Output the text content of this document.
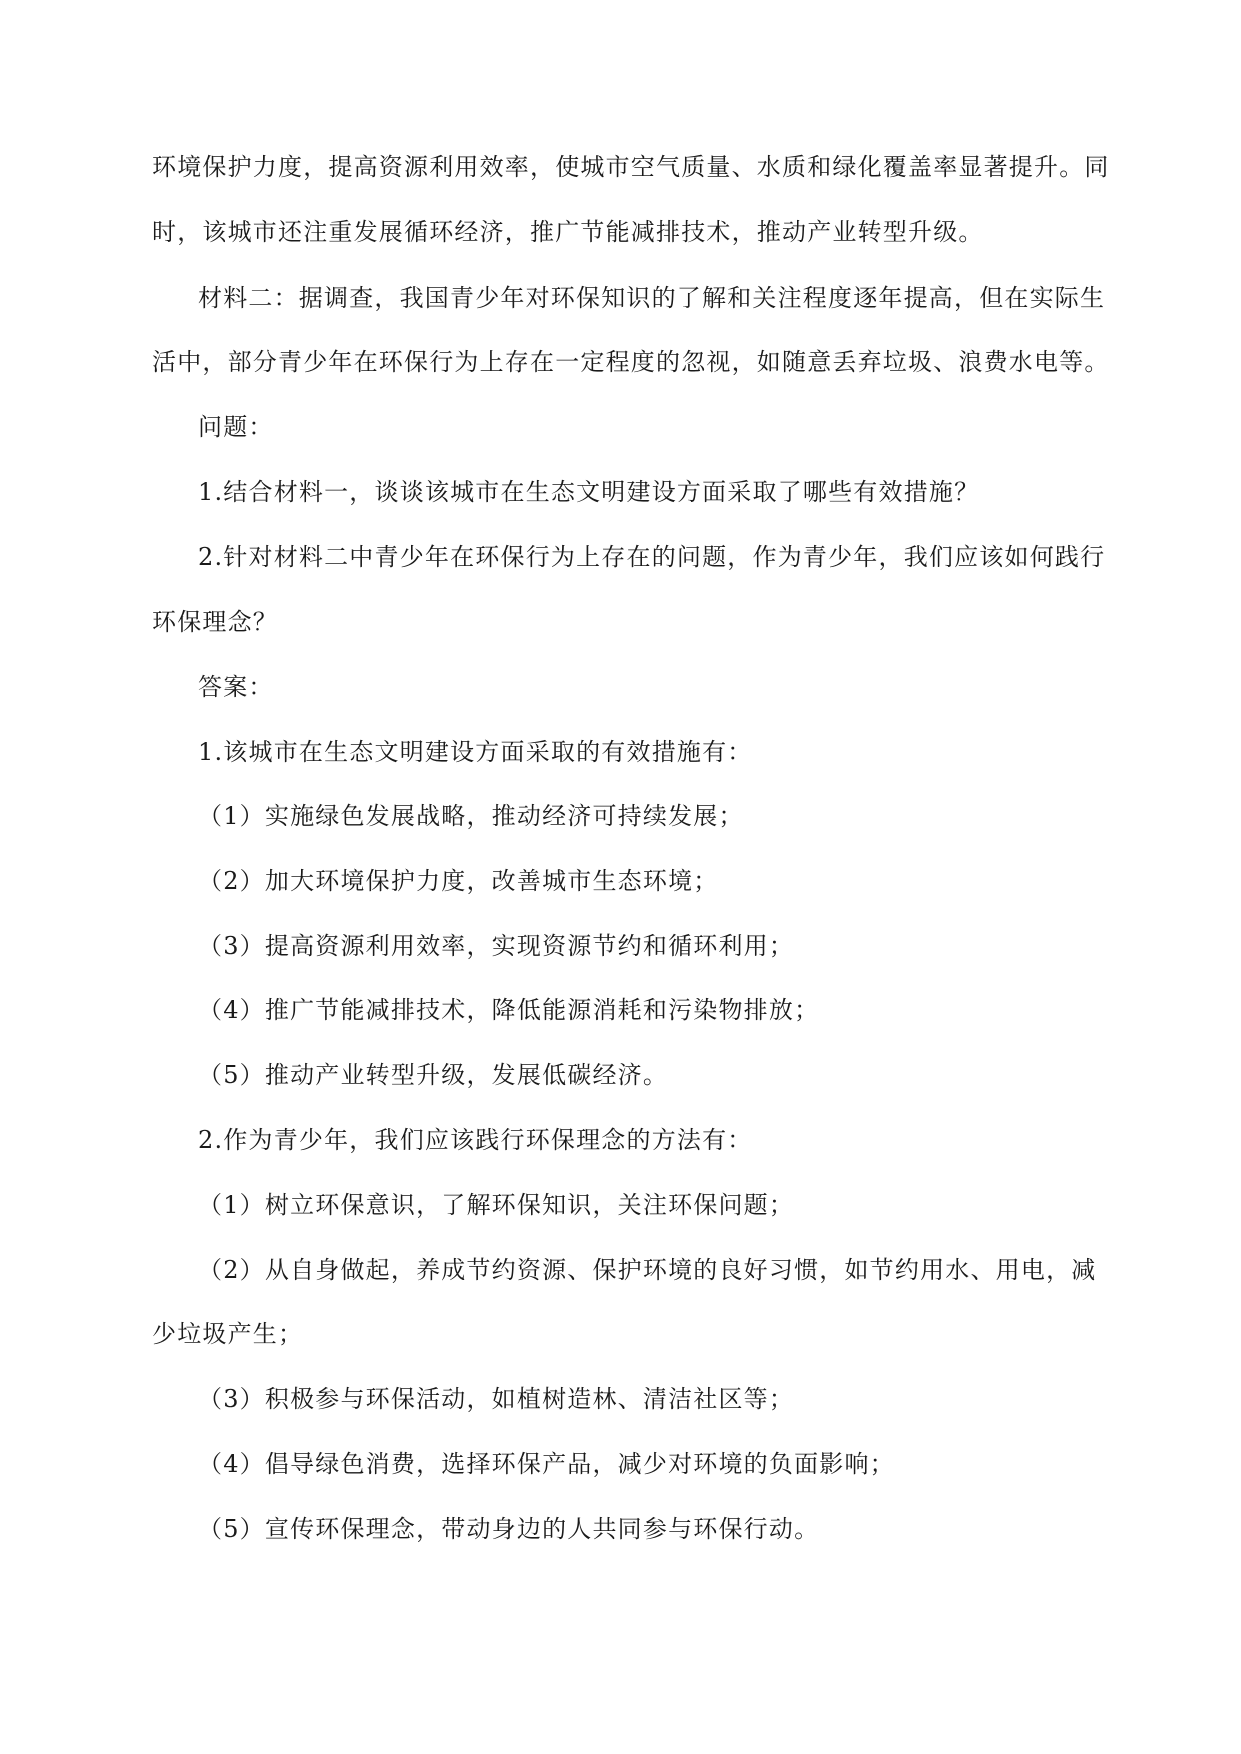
环境保护力度，提高资源利用效率，使城市空气质量、水质和绿化覆盖率显著提升。同
时，该城市还注重发展循环经济，推广节能减排技术，推动产业转型升级。
材料二：据调查，我国青少年对环保知识的了解和关注程度逐年提高，但在实际生
活中，部分青少年在环保行为上存在一定程度的忽视，如随意丢弃垃圾、浪费水电等。
问题：
1.结合材料一，谈谈该城市在生态文明建设方面采取了哪些有效措施？
2.针对材料二中青少年在环保行为上存在的问题，作为青少年，我们应该如何践行
环保理念？
答案：
1.该城市在生态文明建设方面采取的有效措施有：
（1）实施绿色发展战略，推动经济可持续发展；
（2）加大环境保护力度，改善城市生态环境；
（3）提高资源利用效率，实现资源节约和循环利用；
（4）推广节能减排技术，降低能源消耗和污染物排放；
（5）推动产业转型升级，发展低碳经济。
2.作为青少年，我们应该践行环保理念的方法有：
（1）树立环保意识，了解环保知识，关注环保问题；
（2）从自身做起，养成节约资源、保护环境的良好习惯，如节约用水、用电，减
少垃圾产生；
（3）积极参与环保活动，如植树造林、清洁社区等；
（4）倡导绿色消费，选择环保产品，减少对环境的负面影响；
（5）宣传环保理念，带动身边的人共同参与环保行动。
